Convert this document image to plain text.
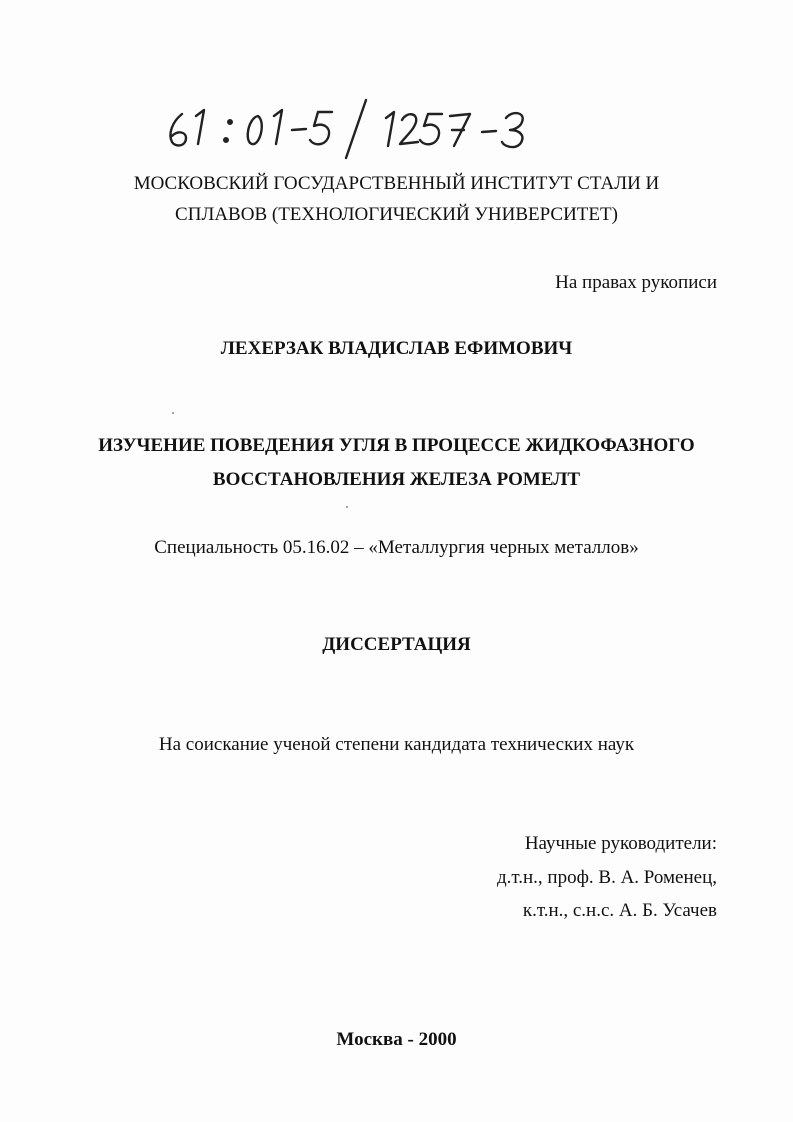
МОСКОВСКИЙ ГОСУДАРСТВЕННЫЙ ИНСТИТУТ СТАЛИ И
СПЛАВОВ (ТЕХНОЛОГИЧЕСКИЙ УНИВЕРСИТЕТ)
На правах рукописи
ЛЕХЕРЗАК ВЛАДИСЛАВ ЕФИМОВИЧ
ИЗУЧЕНИЕ ПОВЕДЕНИЯ УГЛЯ В ПРОЦЕССЕ ЖИДКОФАЗНОГО
ВОССТАНОВЛЕНИЯ ЖЕЛЕЗА РОМЕЛТ
Специальность 05.16.02 – «Металлургия черных металлов»
ДИССЕРТАЦИЯ
На соискание ученой степени кандидата технических наук
Научные руководители:
д.т.н., проф. В. А. Роменец,
к.т.н., с.н.с. А. Б. Усачев
Москва - 2000
